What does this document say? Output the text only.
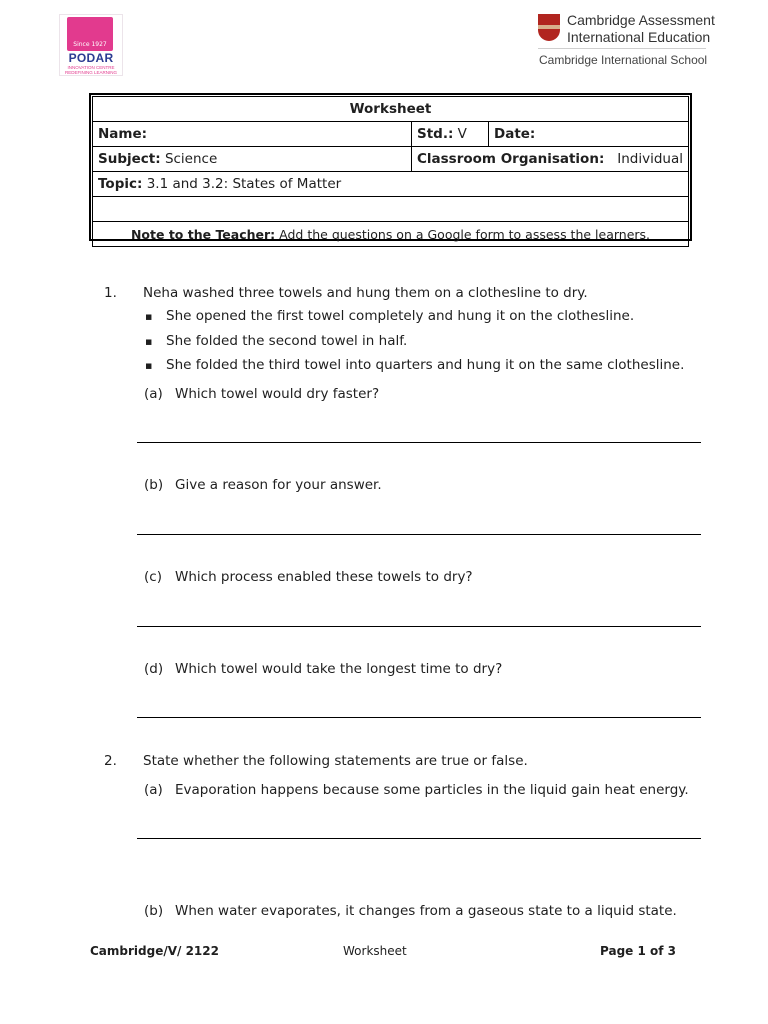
Since 1927
PODAR
INNOVATION CENTRE
REDEFINING LEARNING
Cambridge Assessment
International Education
Cambridge International School
Worksheet		
Name:	Std.: V	Date:
Subject: Science	Classroom Organisation: Individual	
Topic: 3.1 and 3.2: States of Matter		

Note to the Teacher: Add the questions on a Google form to assess the learners.		
1. Neha washed three towels and hung them on a clothesline to dry.
▪ She opened the first towel completely and hung it on the clothesline.
▪ She folded the second towel in half.
▪ She folded the third towel into quarters and hung it on the same clothesline.
(a) Which towel would dry faster?
(b) Give a reason for your answer.
(c) Which process enabled these towels to dry?
(d) Which towel would take the longest time to dry?
2. State whether the following statements are true or false.
(a) Evaporation happens because some particles in the liquid gain heat energy.
(b) When water evaporates, it changes from a gaseous state to a liquid state.
Cambridge/V/ 2122	Worksheet	Page 1 of 3
